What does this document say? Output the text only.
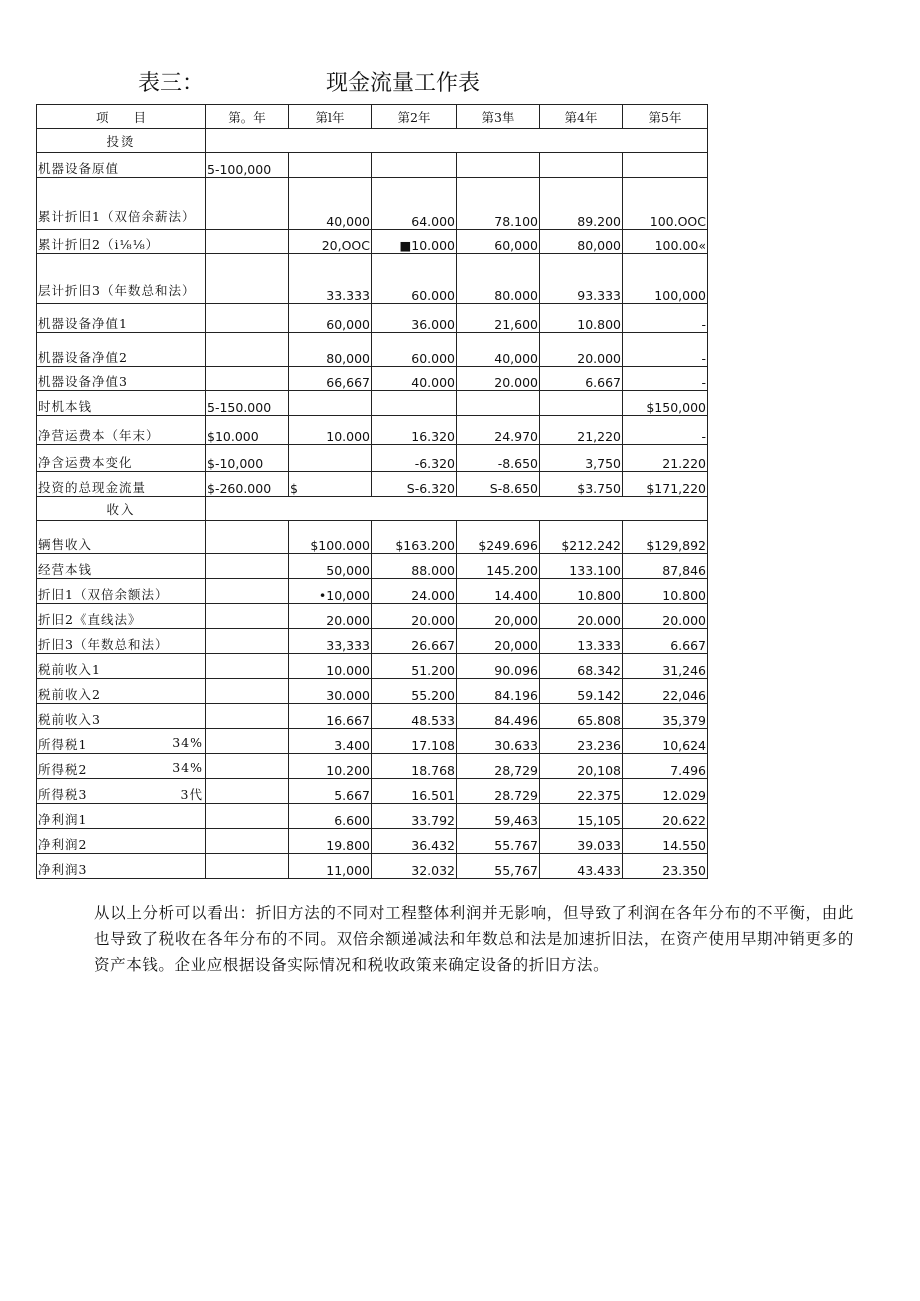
表三：	现金流量工作表
项　　目	第。年	第l年	第2年	第3隼	第4年	第5年
投烫						
机器设备原值	5-100,000					
累计折旧1（双倍余薪法）		40,000	64.000	78.100	89.200	100.OOC
累计折旧2（i⅛⅛）		20,OOC	■10.000	60,000	80,000	100.00«
层计折旧3（年数总和法）		33.333	60.000	80.000	93.333	100,000
机器设备净值1		60,000	36.000	21,600	10.800	-
机器设备净值2		80,000	60.000	40,000	20.000	-
机器设备净值3		66,667	40.000	20.000	6.667	-
时机本钱	5-150.000					$150,000
净营运费本（年末）	$10.000	10.000	16.320	24.970	21,220	-
净含运费本变化	$-10,000		-6.320	-8.650	3,750	21.220
投资的总现金流量	$-260.000	$	S-6.320	S-8.650	$3.750	$171,220
收入						
辆售收入		$100.000	$163.200	$249.696	$212.242	$129,892
经营本钱		50,000	88.000	145.200	133.100	87,846
折旧1（双倍余额法）		•10,000	24.000	14.400	10.800	10.800
折旧2《直线法》		20.000	20.000	20,000	20.000	20.000
折旧3（年数总和法）		33,333	26.667	20,000	13.333	6.667
税前收入1		10.000	51.200	90.096	68.342	31,246
税前收入2		30.000	55.200	84.196	59.142	22,046
税前收入3		16.667	48.533	84.496	65.808	35,379
所得税1 34%		3.400	17.108	30.633	23.236	10,624
所得税2 34%		10.200	18.768	28,729	20,108	7.496
所得税3 3代		5.667	16.501	28.729	22.375	12.029
净利润1		6.600	33.792	59,463	15,105	20.622
净利润2		19.800	36.432	55.767	39.033	14.550
净利润3		11,000	32.032	55,767	43.433	23.350
从以上分析可以看出：折旧方法的不同对工程整体利润并无影响，但导致了利润在各年分布的不平衡，由此也导致了税收在各年分布的不同。双倍余额递减法和年数总和法是加速折旧法，在资产使用早期冲销更多的资产本钱。企业应根据设备实际情况和税收政策来确定设备的折旧方法。
